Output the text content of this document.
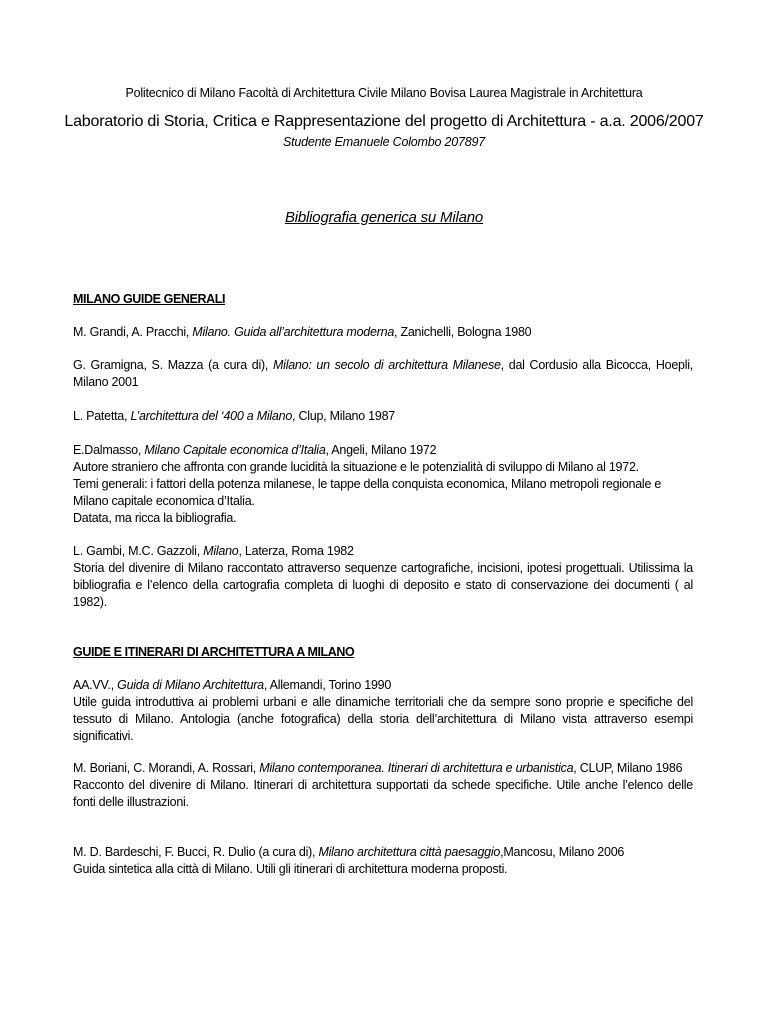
Politecnico di Milano Facoltà di Architettura Civile Milano Bovisa Laurea Magistrale in Architettura
Laboratorio di Storia, Critica e Rappresentazione del progetto di Architettura - a.a. 2006/2007
Studente Emanuele Colombo 207897
Bibliografia generica su Milano
MILANO GUIDE GENERALI

M. Grandi, A. Pracchi, Milano. Guida all’architettura moderna, Zanichelli, Bologna 1980

G. Gramigna, S. Mazza (a cura di), Milano: un secolo di architettura Milanese, dal Cordusio alla Bicocca, Hoepli, Milano 2001

L. Patetta, L’architettura del ‘400 a Milano, Clup, Milano 1987

E.Dalmasso, Milano Capitale economica d’Italia, Angeli, Milano 1972
Autore straniero che affronta con grande lucidità la situazione e le potenzialità di sviluppo di Milano al 1972.
Temi generali: i fattori della potenza milanese, le tappe della conquista economica, Milano metropoli regionale e Milano capitale economica d’Italia.
Datata, ma ricca la bibliografia.
L. Gambi, M.C. Gazzoli, Milano, Laterza, Roma 1982
Storia del divenire di Milano raccontato attraverso sequenze cartografiche, incisioni, ipotesi progettuali. Utilissima la bibliografia e l’elenco della cartografia completa di luoghi di deposito e stato di conservazione dei documenti ( al 1982).
GUIDE E ITINERARI DI ARCHITETTURA A MILANO
AA.VV., Guida di Milano Architettura, Allemandi, Torino 1990
Utile guida introduttiva ai problemi urbani e alle dinamiche territoriali che da sempre sono proprie e specifiche del tessuto di Milano. Antologia (anche fotografica) della storia dell’architettura di Milano vista attraverso esempi significativi.
M. Boriani, C. Morandi, A. Rossari, Milano contemporanea. Itinerari di architettura e urbanistica, CLUP, Milano 1986
Racconto del divenire di Milano. Itinerari di architettura supportati da schede specifiche. Utile anche l’elenco delle fonti delle illustrazioni.
M. D. Bardeschi, F. Bucci, R. Dulio (a cura di), Milano architettura città paesaggio,Mancosu, Milano 2006
Guida sintetica alla città di Milano. Utili gli itinerari di architettura moderna proposti.
